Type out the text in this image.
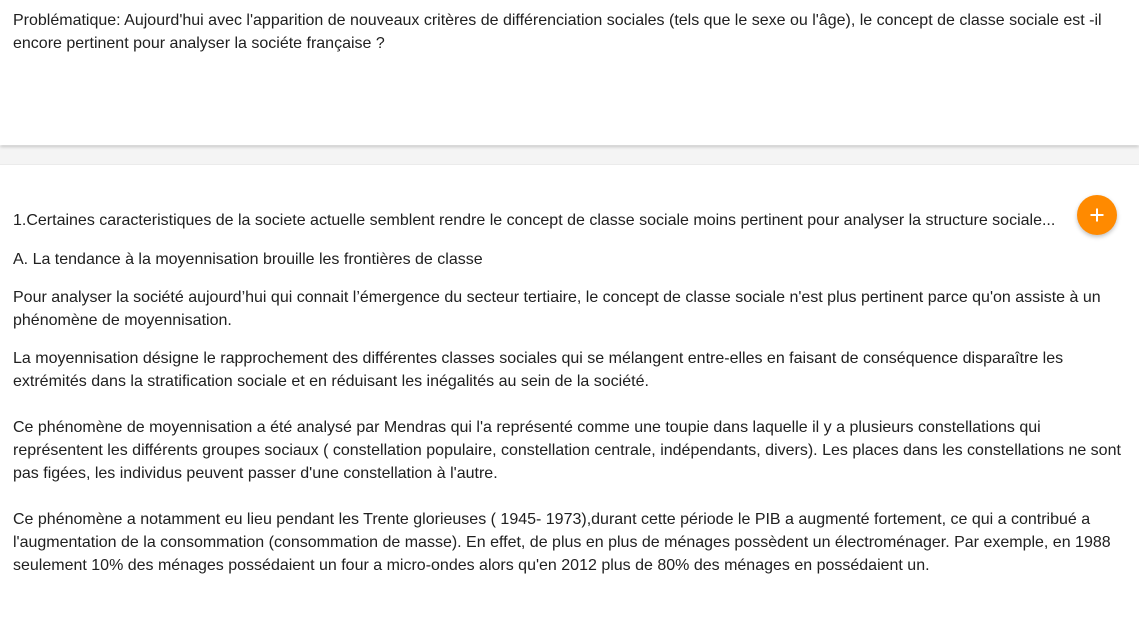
Problématique: Aujourd'hui avec l'apparition de nouveaux critères de différenciation sociales (tels que le sexe ou l'âge), le concept de classe sociale est -il encore pertinent pour analyser la sociéte française ?

1.Certaines caracteristiques de la societe actuelle semblent rendre le concept de classe sociale moins pertinent pour analyser la structure sociale...

A. La tendance à la moyennisation brouille les frontières de classe

Pour analyser la société aujourd’hui qui connait l’émergence du secteur tertiaire, le concept de classe sociale n'est plus pertinent parce qu'on assiste à un phénomène de moyennisation.

La moyennisation désigne le rapprochement des différentes classes sociales qui se mélangent entre-elles en faisant de conséquence disparaître les extrémités dans la stratification sociale et en réduisant les inégalités au sein de la société.

Ce phénomène de moyennisation a été analysé par Mendras qui l'a représenté comme une toupie dans laquelle il y a plusieurs constellations qui représentent les différents groupes sociaux ( constellation populaire, constellation centrale, indépendants, divers). Les places dans les constellations ne sont pas figées, les individus peuvent passer d'une constellation à l'autre.

Ce phénomène a notamment eu lieu pendant les Trente glorieuses ( 1945- 1973),durant cette période le PIB a augmenté fortement, ce qui a contribué a l'augmentation de la consommation (consommation de masse). En effet, de plus en plus de ménages possèdent un électroménager. Par exemple, en 1988 seulement 10% des ménages possédaient un four a micro-ondes alors qu'en 2012 plus de 80% des ménages en possédaient un.
